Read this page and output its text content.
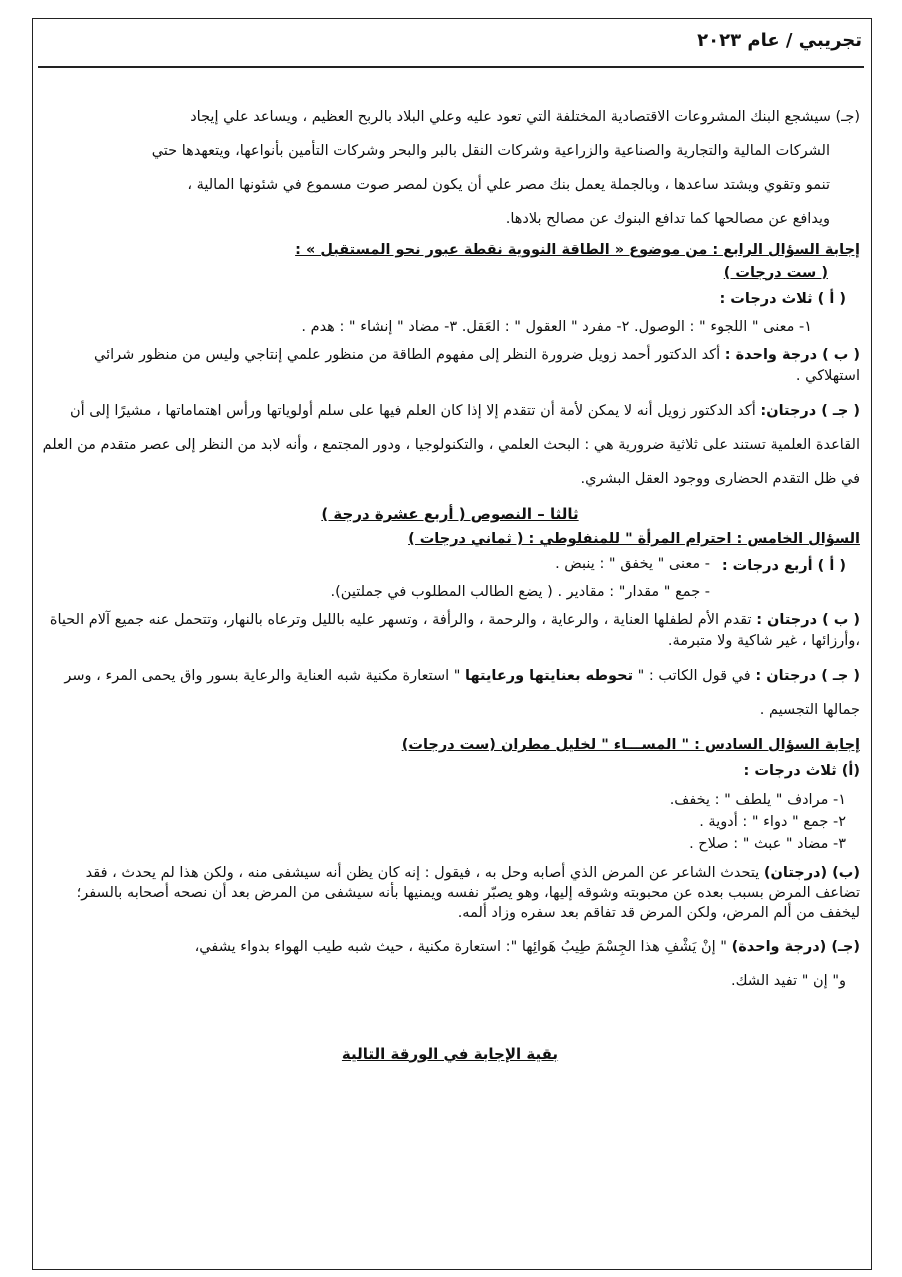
تجريبي / عام ٢٠٢٣
(جـ) سيشجع البنك المشروعات الاقتصادية المختلفة التي تعود عليه وعلي البلاد بالربح العظيم ، ويساعد علي إيجاد
الشركات المالية والتجارية والصناعية والزراعية وشركات النقل بالبر والبحر وشركات التأمين بأنواعها، ويتعهدها حتي
تنمو وتقوي ويشتد ساعدها ، وبالجملة يعمل بنك مصر علي أن يكون لمصر صوت مسموع في شئونها المالية ،
ويدافع عن مصالحها كما تدافع البنوك عن مصالح بلادها.
إجابة السؤال الرابع : من موضوع « الطاقة النووية نقطة عبور نحو المستقبل » :
( ست درجات )
( أ ) ثلاث درجات :
١- معنى " اللجوء " : الوصول. ٢- مفرد " العقول " : العَقل. ٣- مضاد " إنشاء " : هدم .
( ب ) درجة واحدة : أكد الدكتور أحمد زويل ضرورة النظر إلى مفهوم الطاقة من منظور علمي إنتاجي وليس من منظور شرائي استهلاكي .
( جـ ) درجتان: أكد الدكتور زويل أنه لا يمكن لأمة أن تتقدم إلا إذا كان العلم فيها على سلم أولوياتها ورأس اهتماماتها ، مشيرًا إلى أن القاعدة العلمية تستند على ثلاثية ضرورية هي : البحث العلمي ، والتكنولوجيا ، ودور المجتمع ، وأنه لابد من النظر إلى عصر متقدم من العلم في ظل التقدم الحضارى ووجود العقل البشري.
ثالثا – النصوص ( أربع عشرة درجة )
السؤال الخامس : احترام المرأة " للمنفلوطي : ( ثماني درجات )
( أ ) أربع درجات :
- معنى " يخفق " : ينبض .
- جمع " مقدار" : مقادير . ( يضع الطالب المطلوب في جملتين).
( ب ) درجتان : تقدم الأم لطفلها العناية ، والرعاية ، والرحمة ، والرأفة ، وتسهر عليه بالليل وترعاه بالنهار، وتتحمل عنه جميع آلام الحياة ،وأرزائها ، غير شاكية ولا متبرمة.
( جـ ) درجتان : في قول الكاتب : " تحوطه بعنايتها ورعايتها " استعارة مكنية شبه العناية والرعاية بسور واق يحمى المرء ، وسر جمالها التجسيم .
إجابة السؤال السادس : " المســـاء " لخليل مطران (ست درجات)
(أ) ثلاث درجات :
١- مرادف " يلطف " : يخفف.
٢- جمع " دواء " : أدوية .
٣- مضاد " عبث " : صلاح .
(ب) (درجتان) يتحدث الشاعر عن المرض الذي أصابه وحل به ، فيقول : إنه كان يظن أنه سيشفى منه ، ولكن هذا لم يحدث ، فقد تضاعف المرض بسبب بعده عن محبوبته وشوقه إليها، وهو يصبّر نفسه ويمنيها بأنه سيشفى من المرض بعد أن نصحه أصحابه بالسفر؛ ليخفف من ألم المرض، ولكن المرض قد تفاقم بعد سفره وزاد ألمه.
(جـ) (درجة واحدة) " إنْ يَشْفِ هذا الجِسْمَ طِيبُ هَوائِها ": استعارة مكنية ، حيث شبه طيب الهواء بدواء يشفي،
و" إن " تفيد الشك.
بقية الإجابة في الورقة التالية
